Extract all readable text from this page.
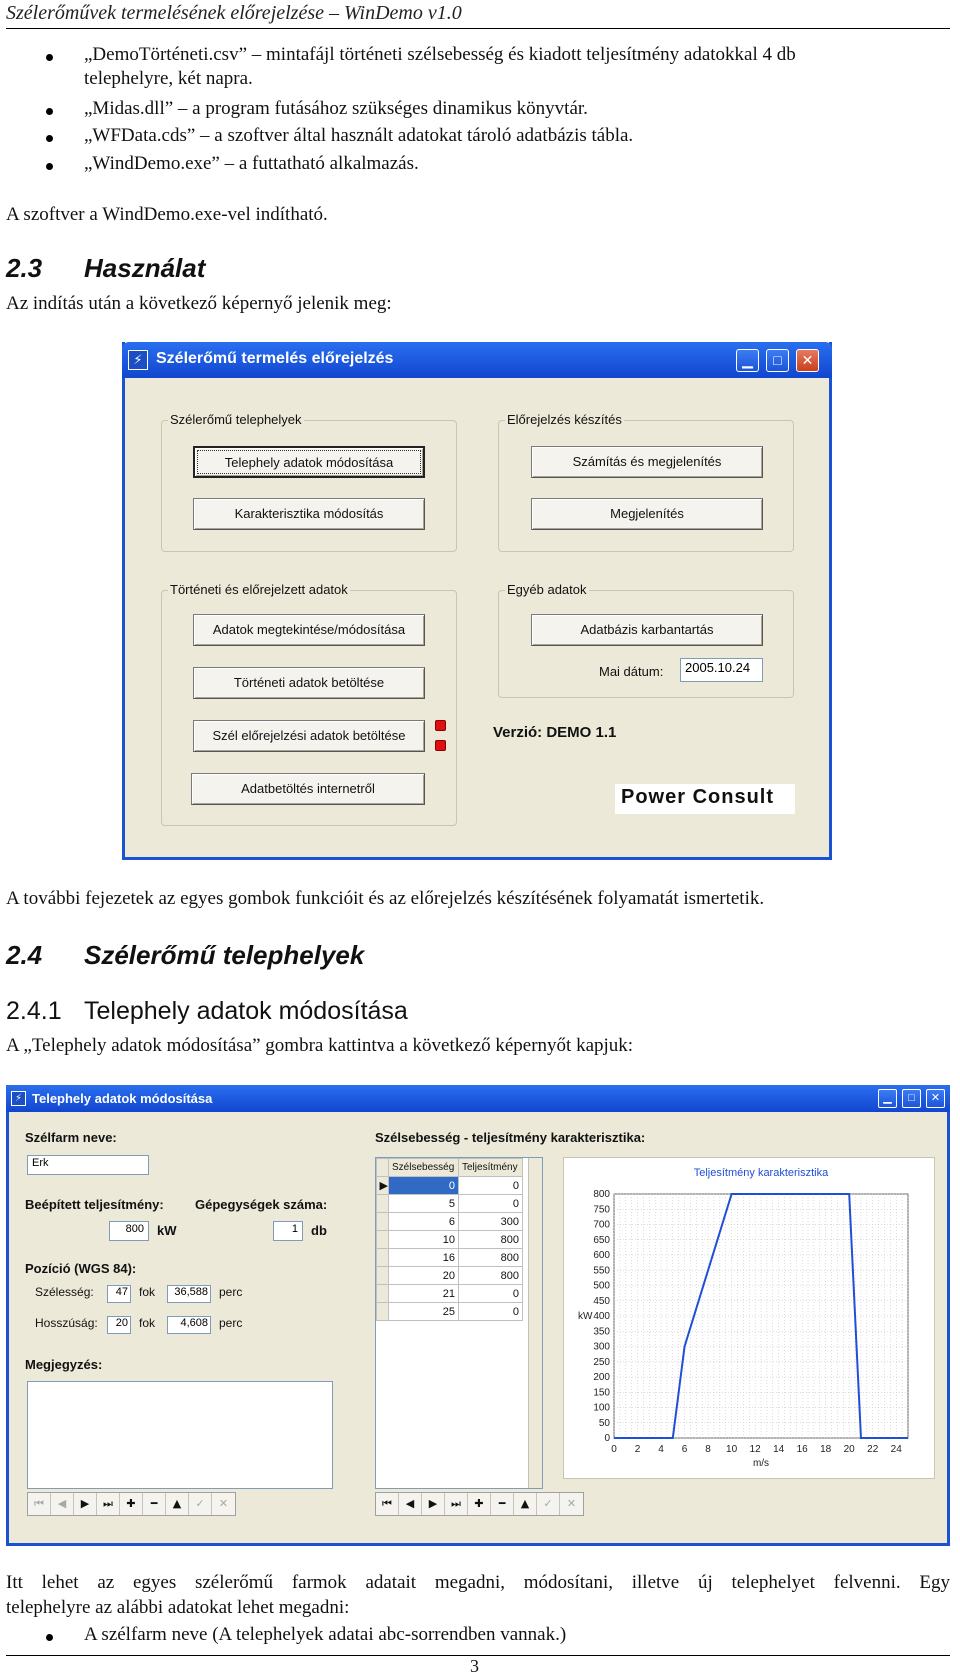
Szélerőművek termelésének előrejelzése – WinDemo v1.0
„DemoTörténeti.csv” – mintafájl történeti szélsebesség és kiadott teljesítmény adatokkal 4 db
telephelyre, két napra.
„Midas.dll” – a program futásához szükséges dinamikus könyvtár.
„WFData.cds” – a szoftver által használt adatokat tároló adatbázis tábla.
„WindDemo.exe” – a futtatható alkalmazás.
A szoftver a WindDemo.exe-vel indítható.
2.3 Használat
Az indítás után a következő képernyő jelenik meg:
⚡ Szélerőmű termelés előrejelzés	▁	□	✕
Szélerőmű telephelyek
Telephely adatok módosítása
Karakterisztika módosítás
Előrejelzés készítés
Számítás és megjelenítés
Megjelenítés
Történeti és előrejelzett adatok
Adatok megtekintése/módosítása
Történeti adatok betöltése
Szél előrejelzési adatok betöltése
Adatbetöltés internetről
Egyéb adatok
Adatbázis karbantartás
Mai dátum:	2005.10.24
Verzió: DEMO 1.1
Power Consult
A további fejezetek az egyes gombok funkcióit és az előrejelzés készítésének folyamatát ismertetik.
2.4 Szélerőmű telephelyek
2.4.1 Telephely adatok módosítása
A „Telephely adatok módosítása” gombra kattintva a következő képernyőt kapjuk:
⚡ Telephely adatok módosítása	▁	□	✕
Szélfarm neve:
Erk
Beépített teljesítmény:
800	kW
Gépegységek száma:
1	db
Pozíció (WGS 84):
Szélesség:	47 fok	36,588 perc
Hosszúság:	20 fok	4,608 perc
Megjegyzés:
⏮	◀	▶	⏭	✚	━	▲	✓	✕
Szélsebesség - teljesítmény karakterisztika:
	Szélsebesség	Teljesítmény
▶	0	0
	5	0
	6	300
	10	800
	16	800
	20	800
	21	0
	25	0
⏮	◀	▶	⏭	✚	━	▲	✓	✕
Teljesítmény karakterisztika
0
50
100
150
200
250
300
350
400
450
500
550
600
650
700
750
800
0 2 4 6 8 10 12 14 16 18 20 22 24
m/s
kW
Itt lehet az egyes szélerőmű farmok adatait megadni, módosítani, illetve új telephelyet felvenni. Egy
telephelyre az alábbi adatokat lehet megadni:
A szélfarm neve (A telephelyek adatai abc-sorrendben vannak.)
3
